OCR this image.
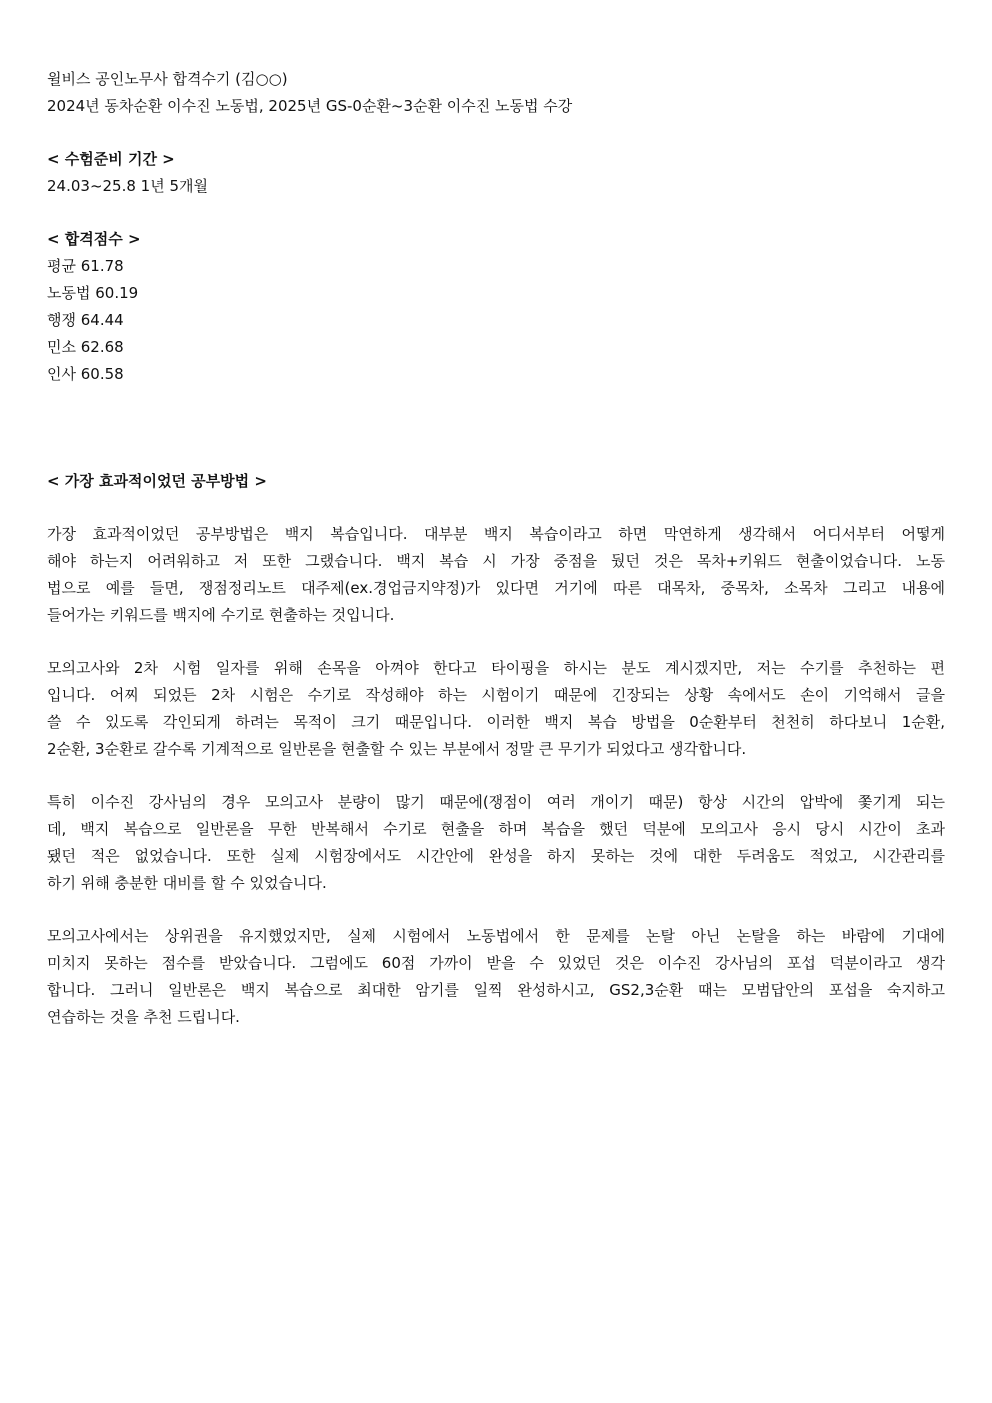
윌비스 공인노무사 합격수기 (김○○)

2024년 동차순환 이수진 노동법, 2025년 GS-0순환~3순환 이수진 노동법 수강

< 수험준비 기간 >

24.03~25.8 1년 5개월

< 합격점수 >

평균 61.78

노동법 60.19

행쟁 64.44

민소 62.68

인사 60.58

< 가장 효과적이었던 공부방법 >

가장 효과적이었던 공부방법은 백지 복습입니다. 대부분 백지 복습이라고 하면 막연하게 생각해서 어디서부터 어떻게
해야 하는지 어려워하고 저 또한 그랬습니다. 백지 복습 시 가장 중점을 뒀던 것은 목차+키워드 현출이었습니다. 노동
법으로 예를 들면, 쟁점정리노트 대주제(ex.경업금지약정)가 있다면 거기에 따른 대목차, 중목차, 소목차 그리고 내용에
들어가는 키워드를 백지에 수기로 현출하는 것입니다.
모의고사와 2차 시험 일자를 위해 손목을 아껴야 한다고 타이핑을 하시는 분도 계시겠지만, 저는 수기를 추천하는 편
입니다. 어찌 되었든 2차 시험은 수기로 작성해야 하는 시험이기 때문에 긴장되는 상황 속에서도 손이 기억해서 글을
쓸 수 있도록 각인되게 하려는 목적이 크기 때문입니다. 이러한 백지 복습 방법을 0순환부터 천천히 하다보니 1순환,
2순환, 3순환로 갈수록 기계적으로 일반론을 현출할 수 있는 부분에서 정말 큰 무기가 되었다고 생각합니다.
특히 이수진 강사님의 경우 모의고사 분량이 많기 때문에(쟁점이 여러 개이기 때문) 항상 시간의 압박에 쫓기게 되는
데, 백지 복습으로 일반론을 무한 반복해서 수기로 현출을 하며 복습을 했던 덕분에 모의고사 응시 당시 시간이 초과
됐던 적은 없었습니다. 또한 실제 시험장에서도 시간안에 완성을 하지 못하는 것에 대한 두려움도 적었고, 시간관리를
하기 위해 충분한 대비를 할 수 있었습니다.
모의고사에서는 상위권을 유지했었지만, 실제 시험에서 노동법에서 한 문제를 논탈 아닌 논탈을 하는 바람에 기대에
미치지 못하는 점수를 받았습니다. 그럼에도 60점 가까이 받을 수 있었던 것은 이수진 강사님의 포섭 덕분이라고 생각
합니다. 그러니 일반론은 백지 복습으로 최대한 암기를 일찍 완성하시고, GS2,3순환 때는 모범답안의 포섭을 숙지하고
연습하는 것을 추천 드립니다.
